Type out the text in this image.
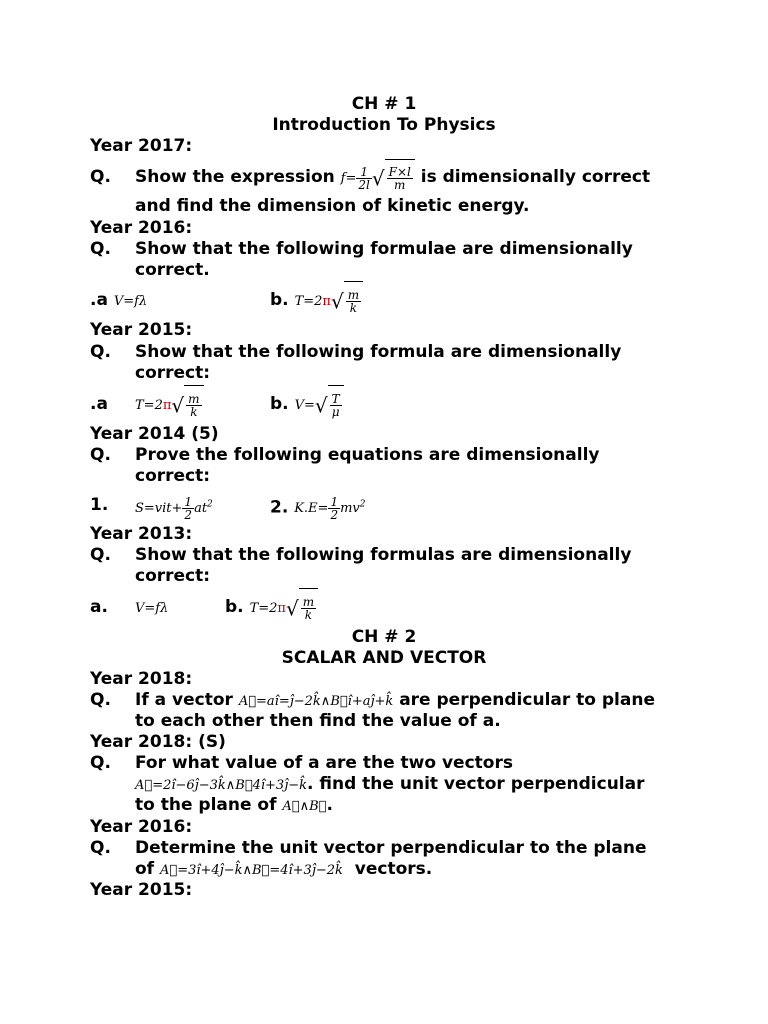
CH # 1
Introduction To Physics
Year 2017:
Q. Show the expression $f= \frac{1}{2l}$ √ $\frac{F\times l}{m}$ is dimensionally correct
and find the dimension of kinetic energy.
Year 2016:
Q. Show that the following formulae are dimensionally
correct.
.a V=fλ	b. $T=2\pi√ \frac{m}{k}$
Year 2015:
Q. Show that the following formula are dimensionally
correct:
.a $T=2\pi√ \frac{m}{k}$	b. $V=√ \frac{T}{\mu}$
Year 2014 (5)
Q. Prove the following equations are dimensionally
correct:
1. $S=vit+ \frac{1}{2} at^2$	2. $K.E= \frac{1}{2} mv^2$
Year 2013:
Q. Show that the following formulas are dimensionally
correct:
a. V=fλ	b. $T=2\pi√ \frac{m}{k}$
CH # 2
SCALAR AND VECTOR
Year 2018:
Q. If a vector A⃗=aî=ĵ−2k̂∧B⃗î+aĵ+k̂ are perpendicular to plane
to each other then find the value of a.
Year 2018: (S)
Q. For what value of a are the two vectors
A⃗=2î−6ĵ−3k̂∧B⃗4î+3ĵ−k̂. find the unit vector perpendicular
to the plane of A⃗∧B⃗.
Year 2016:
Q. Determine the unit vector perpendicular to the plane
of A⃗=3î+4ĵ−k̂∧B⃗=4î+3ĵ−2k̂ vectors.
Year 2015:
